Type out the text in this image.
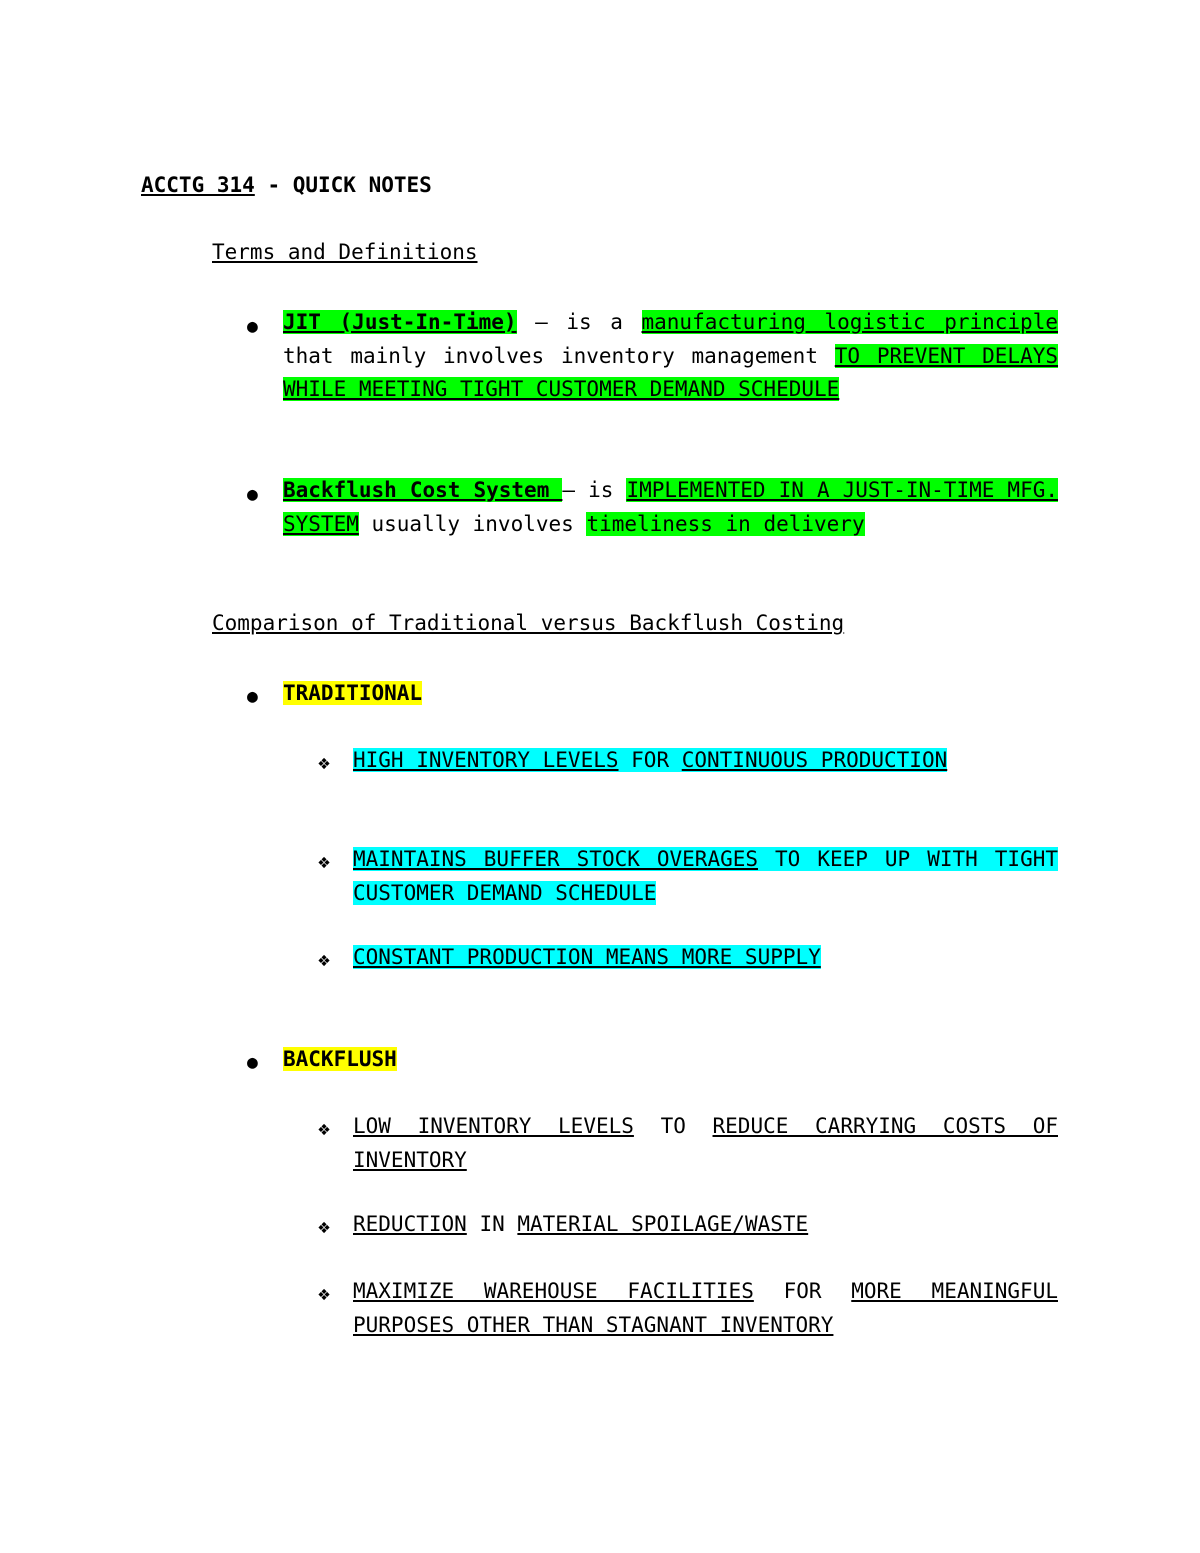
ACCTG 314 - QUICK NOTES
Terms and Definitions
● JIT (Just-In-Time) – is a manufacturing logistic principle that mainly involves inventory management TO PREVENT DELAYS WHILE MEETING TIGHT CUSTOMER DEMAND SCHEDULE
● Backflush Cost System – is IMPLEMENTED IN A JUST-IN-TIME MFG. SYSTEM usually involves timeliness in delivery
Comparison of Traditional versus Backflush Costing
● TRADITIONAL
❖ HIGH INVENTORY LEVELS FOR CONTINUOUS PRODUCTION
❖ MAINTAINS BUFFER STOCK OVERAGES TO KEEP UP WITH TIGHT CUSTOMER DEMAND SCHEDULE
❖ CONSTANT PRODUCTION MEANS MORE SUPPLY
● BACKFLUSH
❖ LOW INVENTORY LEVELS TO REDUCE CARRYING COSTS OF INVENTORY
❖ REDUCTION IN MATERIAL SPOILAGE/WASTE
❖ MAXIMIZE WAREHOUSE FACILITIES FOR MORE MEANINGFUL PURPOSES OTHER THAN STAGNANT INVENTORY
